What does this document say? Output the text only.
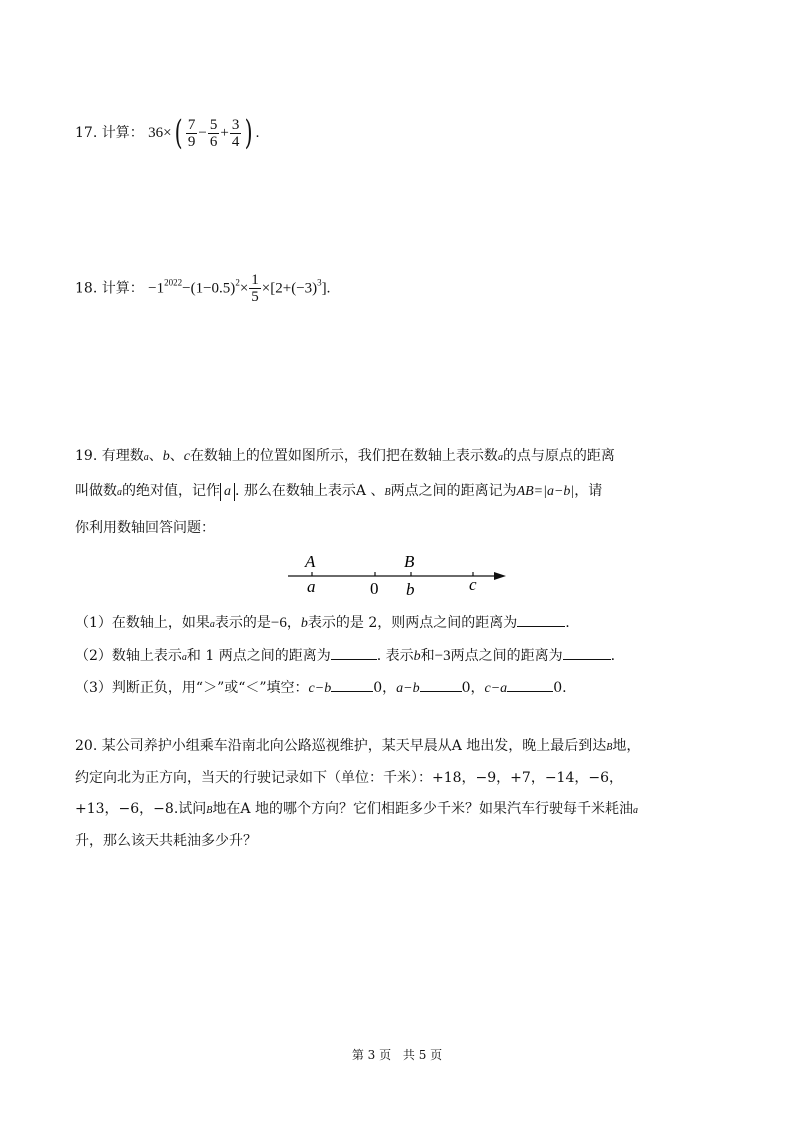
17. 计算： $36\times( \frac{7}{9} - \frac{5}{6} + \frac{3}{4}$ ) .
18. 计算： $-1^{2022}-(1-0.5)^2\times \frac{1}{5} \times[2+(-3)^3]$.
19. 有理数a、b、c在数轴上的位置如图所示，我们把在数轴上表示数a的点与原点的距离
叫做数a的绝对值，记作 a . 那么在数轴上表示A 、B两点之间的距离记为AB=|a−b|，请
你利用数轴回答问题：
A	B
a	0 b	c
（1）在数轴上，如果a表示的是−6，b表示的是 2，则两点之间的距离为	.
（2）数轴上表示a和 1 两点之间的距离为	. 表示b和−3两点之间的距离为	.
（3）判断正负，用“＞”或“＜”填空：c−b	0，a−b	0，c−a	0.
20. 某公司养护小组乘车沿南北向公路巡视维护，某天早晨从A 地出发，晚上最后到达B地，
约定向北为正方向，当天的行驶记录如下（单位：千米）：+18，−9，+7，−14，−6，
+13，−6，−8.试问B地在A 地的哪个方向？它们相距多少千米？如果汽车行驶每千米耗油a
升，那么该天共耗油多少升？
第 3 页 共 5 页
